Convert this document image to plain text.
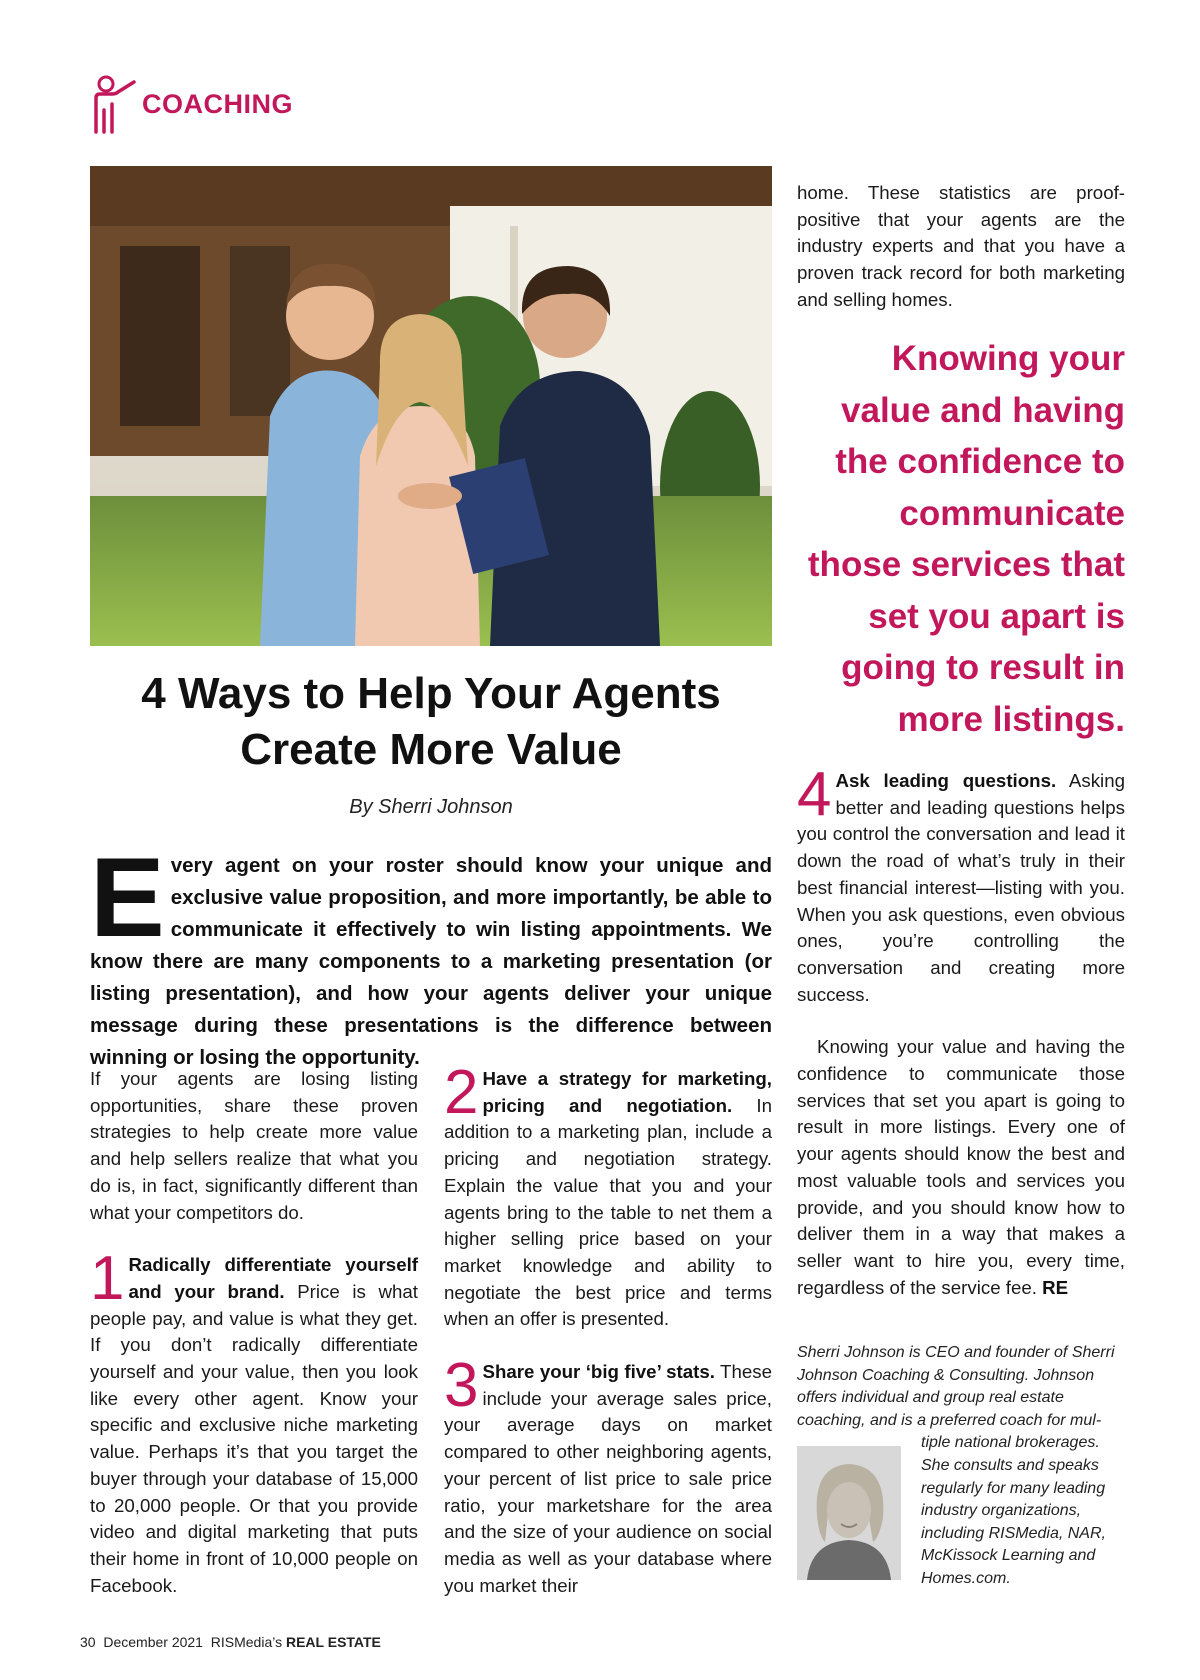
COACHING
4 Ways to Help Your Agents Create More Value
By Sherri Johnson
E very agent on your roster should know your unique and exclusive value proposition, and more importantly, be able to communicate it effectively to win listing appointments. We know there are many components to a marketing presentation (or listing presentation), and how your agents deliver your unique message during these presentations is the difference between winning or losing the opportunity.

If your agents are losing listing opportunities, share these proven strategies to help create more value and help sellers realize that what you do is, in fact, significantly different than what your competitors do.

1 Radically differentiate yourself and your brand. Price is what people pay, and value is what they get. If you don’t radically differentiate yourself and your value, then you look like every other agent. Know your specific and exclusive niche marketing value. Perhaps it’s that you target the buyer through your database of 15,000 to 20,000 people. Or that you provide video and digital marketing that puts their home in front of 10,000 people on Facebook.

2 Have a strategy for marketing, pricing and negotiation. In addition to a marketing plan, include a pricing and negotiation strategy. Explain the value that you and your agents bring to the table to net them a higher selling price based on your market knowledge and ability to negotiate the best price and terms when an offer is presented.

3 Share your ‘big five’ stats. These include your average sales price, your average days on market compared to other neighboring agents, your percent of list price to sale price ratio, your marketshare for the area and the size of your audience on social media as well as your database where you market their

home. These statistics are proof-positive that your agents are the industry experts and that you have a proven track record for both marketing and selling homes.

Knowing your value and having the confidence to communicate those services that set you apart is going to result in more listings.

4 Ask leading questions. Asking better and leading questions helps you control the conversation and lead it down the road of what’s truly in their best financial interest—listing with you. When you ask questions, even obvious ones, you’re controlling the conversation and creating more success.

Knowing your value and having the confidence to communicate those services that set you apart is going to result in more listings. Every one of your agents should know the best and most valuable tools and services you provide, and you should know how to deliver them in a way that makes a seller want to hire you, every time, regardless of the service fee. RE

Sherri Johnson is CEO and founder of Sherri Johnson Coaching & Consulting. Johnson offers individual and group real estate coaching, and is a preferred coach for mul-
tiple national brokerages. She consults and speaks regularly for many leading industry organizations, including RISMedia, NAR, McKissock Learning and Homes.com.
30 December 2021 RISMedia’s REAL ESTATE
